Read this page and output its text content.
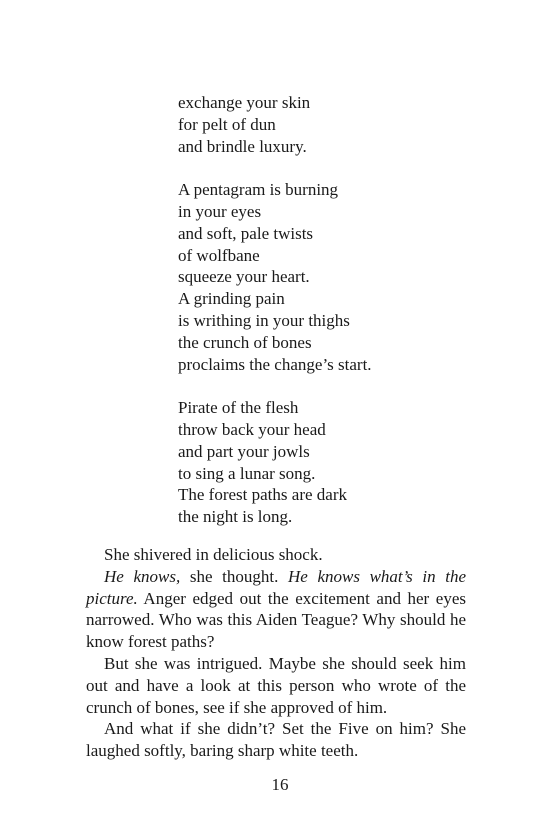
exchange your skin
for pelt of dun
and brindle luxury.
A pentagram is burning
in your eyes
and soft, pale twists
of wolfbane
squeeze your heart.
A grinding pain
is writhing in your thighs
the crunch of bones
proclaims the change’s start.
Pirate of the flesh
throw back your head
and part your jowls
to sing a lunar song.
The forest paths are dark
the night is long.

She shivered in delicious shock.

He knows, she thought. He knows what’s in the picture. Anger edged out the excitement and her eyes narrowed. Who was this Aiden Teague? Why should he know forest paths?

But she was intrigued. Maybe she should seek him out and have a look at this person who wrote of the crunch of bones, see if she approved of him.

And what if she didn’t? Set the Five on him? She laughed softly, baring sharp white teeth.

16
